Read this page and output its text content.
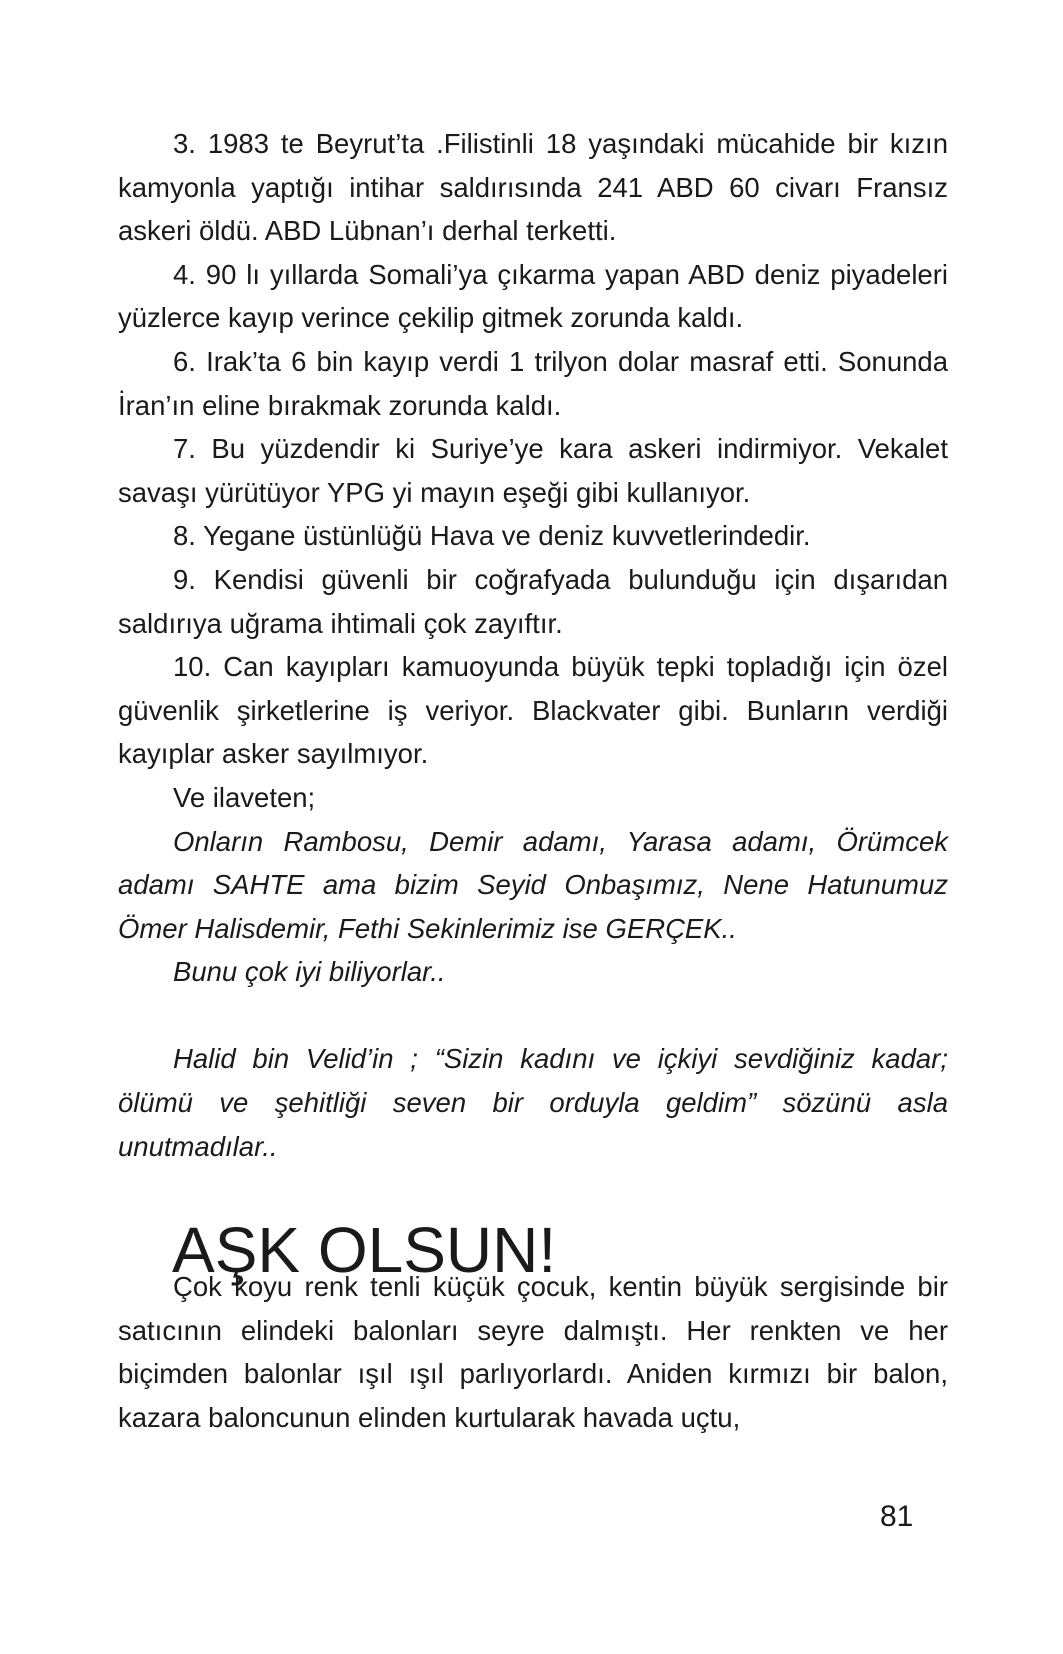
3. 1983 te Beyrut’ta .Filistinli 18 yaşındaki mücahide bir kızın kamyonla yaptığı intihar saldırısında 241 ABD 60 civarı Fransız askeri öldü. ABD Lübnan’ı derhal terketti.

4. 90 lı yıllarda Somali’ya çıkarma yapan ABD deniz piyadeleri yüzlerce kayıp verince çekilip gitmek zorunda kaldı.

6. Irak’ta 6 bin kayıp verdi 1 trilyon dolar masraf etti. Sonunda İran’ın eline bırakmak zorunda kaldı.

7. Bu yüzdendir ki Suriye’ye kara askeri indirmiyor. Vekalet savaşı yürütüyor YPG yi mayın eşeği gibi kullanıyor.

8. Yegane üstünlüğü Hava ve deniz kuvvetlerindedir.

9. Kendisi güvenli bir coğrafyada bulunduğu için dışarıdan saldırıya uğrama ihtimali çok zayıftır.

10. Can kayıpları kamuoyunda büyük tepki topladığı için özel güvenlik şirketlerine iş veriyor. Blackvater gibi. Bunların verdiği kayıplar asker sayılmıyor.

Ve ilaveten;

Onların Rambosu, Demir adamı, Yarasa adamı, Örümcek adamı SAHTE ama bizim Seyid Onbaşımız, Nene Hatunumuz Ömer Halisdemir, Fethi Sekinlerimiz ise GERÇEK..

Bunu çok iyi biliyorlar..

Halid bin Velid’in ; “Sizin kadını ve içkiyi sevdiğiniz kadar; ölümü ve şehitliği seven bir orduyla geldim” sözünü asla unutmadılar..

AŞK OLSUN!

Çok koyu renk tenli küçük çocuk, kentin büyük sergisinde bir satıcının elindeki balonları seyre dalmıştı. Her renkten ve her biçimden balonlar ışıl ışıl parlıyorlardı. Aniden kırmızı bir balon, kazara baloncunun elinden kurtularak havada uçtu,

81
